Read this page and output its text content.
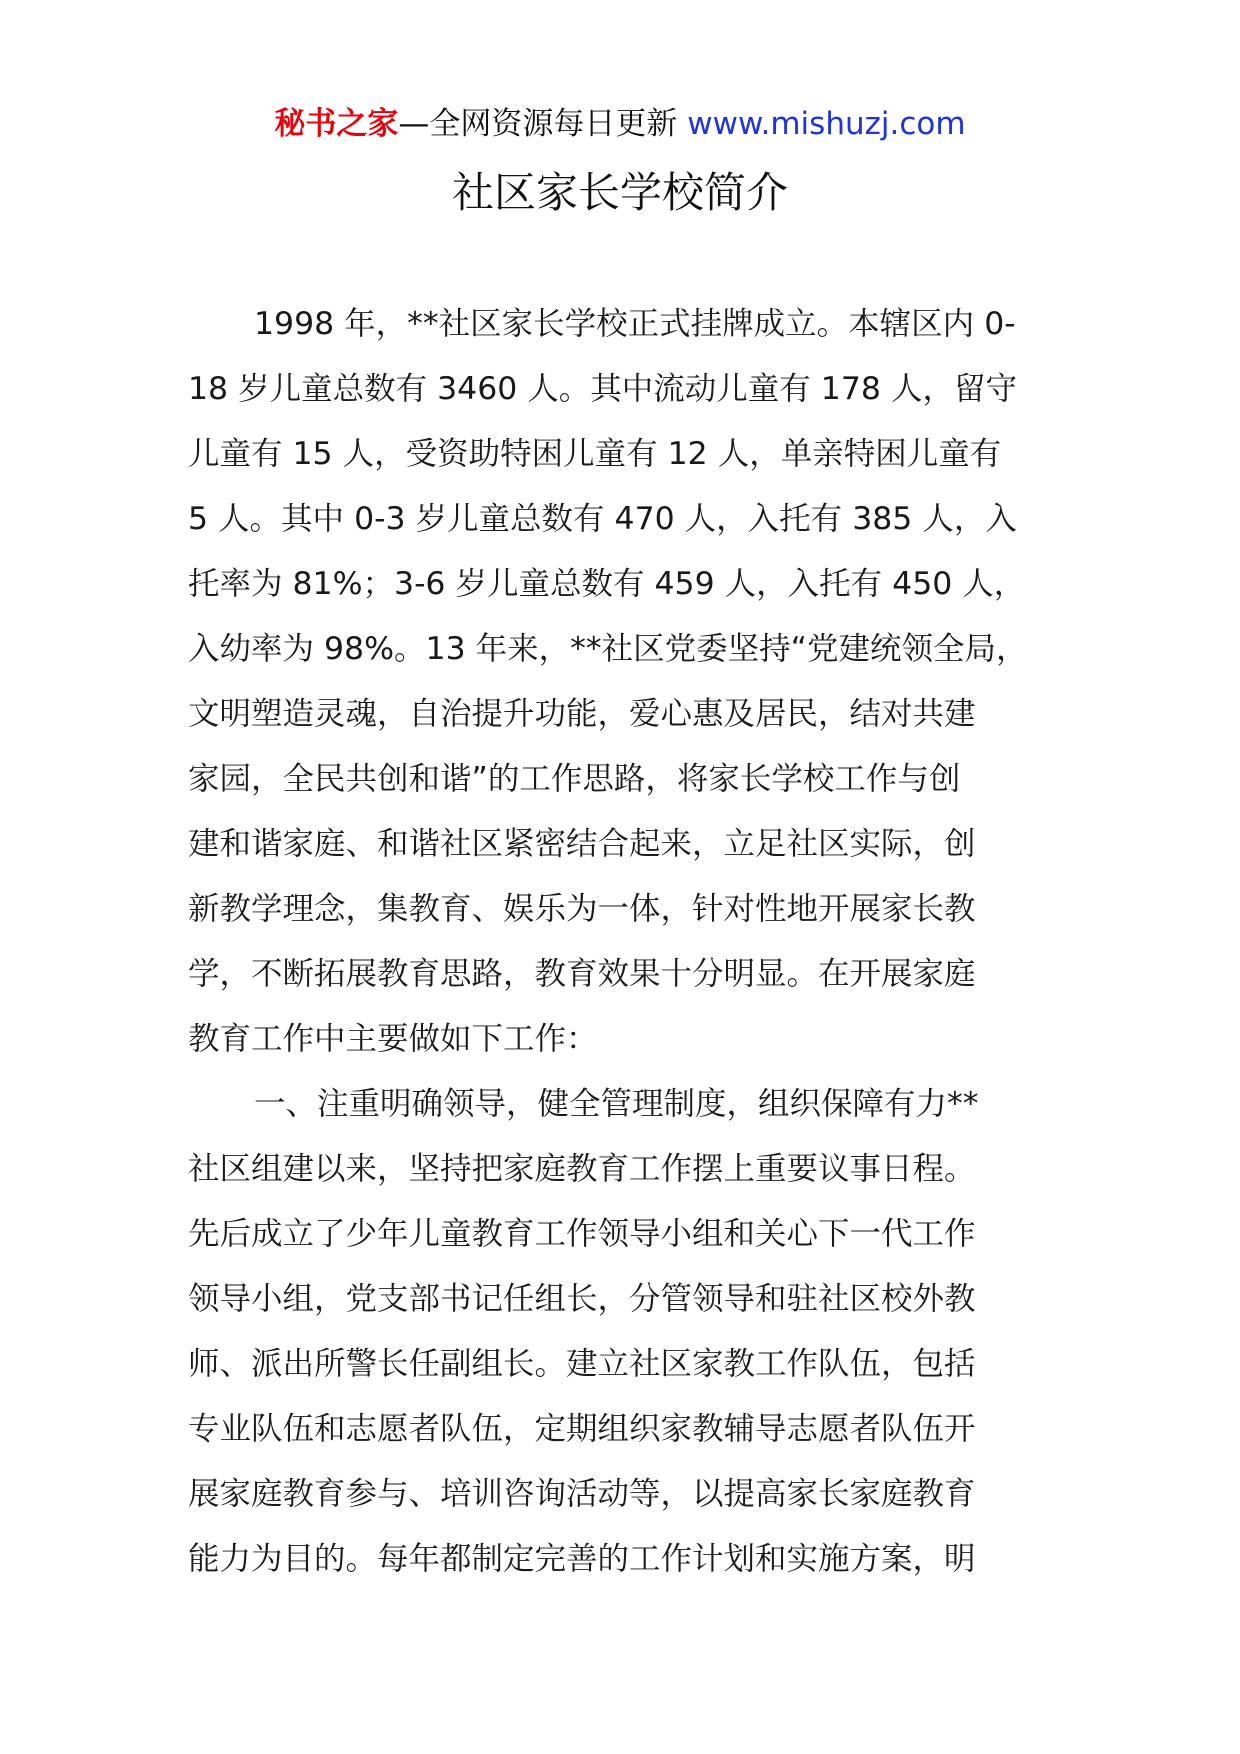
秘书之家—全网资源每日更新 www.mishuzj.com
社区家长学校简介
1998 年，**社区家长学校正式挂牌成立。本辖区内 0-
18 岁儿童总数有 3460 人。其中流动儿童有 178 人，留守
儿童有 15 人，受资助特困儿童有 12 人，单亲特困儿童有
5 人。其中 0-3 岁儿童总数有 470 人，入托有 385 人，入
托率为 81%；3-6 岁儿童总数有 459 人，入托有 450 人，
入幼率为 98%。13 年来，**社区党委坚持“党建统领全局，
文明塑造灵魂，自治提升功能，爱心惠及居民，结对共建
家园，全民共创和谐”的工作思路，将家长学校工作与创
建和谐家庭、和谐社区紧密结合起来，立足社区实际，创
新教学理念，集教育、娱乐为一体，针对性地开展家长教
学，不断拓展教育思路，教育效果十分明显。在开展家庭
教育工作中主要做如下工作：
一、注重明确领导，健全管理制度，组织保障有力**
社区组建以来，坚持把家庭教育工作摆上重要议事日程。
先后成立了少年儿童教育工作领导小组和关心下一代工作
领导小组，党支部书记任组长，分管领导和驻社区校外教
师、派出所警长任副组长。建立社区家教工作队伍，包括
专业队伍和志愿者队伍，定期组织家教辅导志愿者队伍开
展家庭教育参与、培训咨询活动等，以提高家长家庭教育
能力为目的。每年都制定完善的工作计划和实施方案，明
